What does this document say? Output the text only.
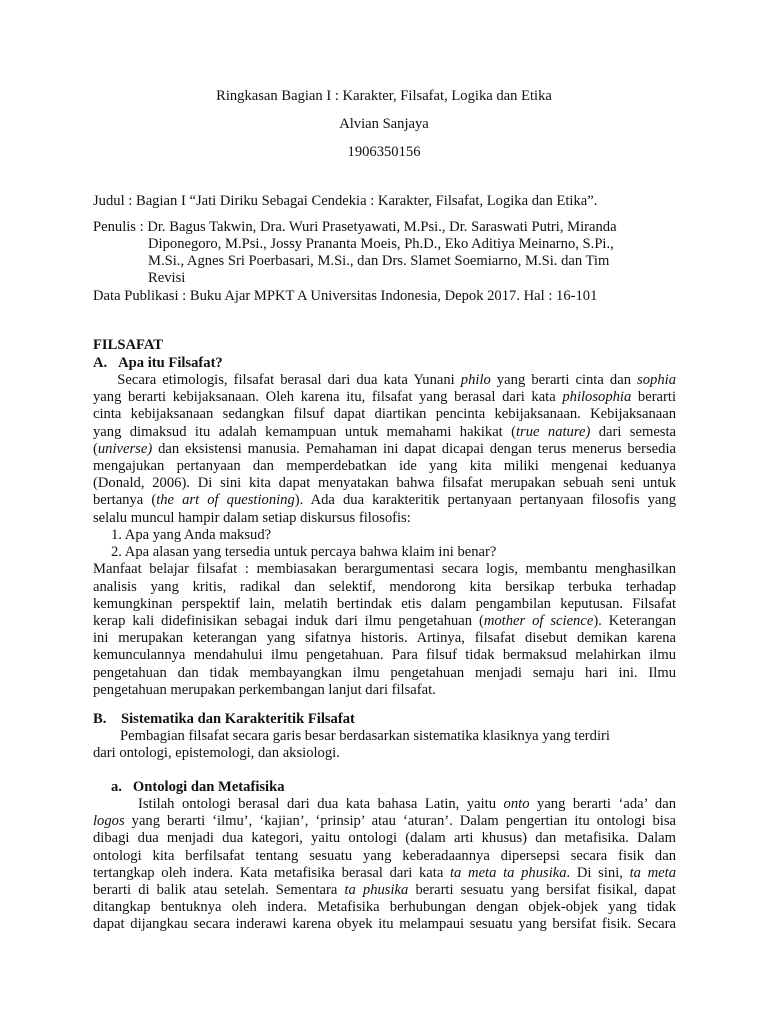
Ringkasan Bagian I : Karakter, Filsafat, Logika dan Etika
Alvian Sanjaya
1906350156
Judul : Bagian I “Jati Diriku Sebagai Cendekia : Karakter, Filsafat, Logika dan Etika”.
Penulis : Dr. Bagus Takwin, Dra. Wuri Prasetyawati, M.Psi., Dr. Saraswati Putri, Miranda
Diponegoro, M.Psi., Jossy Prananta Moeis, Ph.D., Eko Aditiya Meinarno, S.Pi.,
M.Si., Agnes Sri Poerbasari, M.Si., dan Drs. Slamet Soemiarno, M.Si. dan Tim
Revisi
Data Publikasi : Buku Ajar MPKT A Universitas Indonesia, Depok 2017. Hal : 16-101
FILSAFAT
A.   Apa itu Filsafat?
Secara etimologis, filsafat berasal dari dua kata Yunani philo yang berarti cinta dan sophia
yang berarti kebijaksanaan. Oleh karena itu, filsafat yang berasal dari kata philosophia berarti
cinta kebijaksanaan sedangkan filsuf dapat diartikan pencinta kebijaksanaan. Kebijaksanaan
yang dimaksud itu adalah kemampuan untuk memahami hakikat (true nature) dari semesta
(universe) dan eksistensi manusia. Pemahaman ini dapat dicapai dengan terus menerus bersedia
mengajukan pertanyaan dan memperdebatkan ide yang kita miliki mengenai keduanya
(Donald, 2006). Di sini kita dapat menyatakan bahwa filsafat merupakan sebuah seni untuk
bertanya (the art of questioning). Ada dua karakteritik pertanyaan pertanyaan filosofis yang
selalu muncul hampir dalam setiap diskursus filosofis:
1. Apa yang Anda maksud?
2. Apa alasan yang tersedia untuk percaya bahwa klaim ini benar?
Manfaat belajar filsafat : membiasakan berargumentasi secara logis, membantu menghasilkan
analisis yang kritis, radikal dan selektif, mendorong kita bersikap terbuka terhadap
kemungkinan perspektif lain, melatih bertindak etis dalam pengambilan keputusan. Filsafat
kerap kali didefinisikan sebagai induk dari ilmu pengetahuan (mother of science). Keterangan
ini merupakan keterangan yang sifatnya historis. Artinya, filsafat disebut demikan karena
kemunculannya mendahului ilmu pengetahuan. Para filsuf tidak bermaksud melahirkan ilmu
pengetahuan dan tidak membayangkan ilmu pengetahuan menjadi semaju hari ini. Ilmu
pengetahuan merupakan perkembangan lanjut dari filsafat.
B.    Sistematika dan Karakteritik Filsafat
Pembagian filsafat secara garis besar berdasarkan sistematika klasiknya yang terdiri
dari ontologi, epistemologi, dan aksiologi.
a.   Ontologi dan Metafisika
Istilah ontologi berasal dari dua kata bahasa Latin, yaitu onto yang berarti ‘ada’ dan
logos yang berarti ‘ilmu’, ‘kajian’, ‘prinsip’ atau ‘aturan’. Dalam pengertian itu ontologi bisa
dibagi dua menjadi dua kategori, yaitu ontologi (dalam arti khusus) dan metafisika. Dalam
ontologi kita berfilsafat tentang sesuatu yang keberadaannya dipersepsi secara fisik dan
tertangkap oleh indera. Kata metafisika berasal dari kata ta meta ta phusika. Di sini, ta meta
berarti di balik atau setelah. Sementara ta phusika berarti sesuatu yang bersifat fisikal, dapat
ditangkap bentuknya oleh indera. Metafisika berhubungan dengan objek-objek yang tidak
dapat dijangkau secara inderawi karena obyek itu melampaui sesuatu yang bersifat fisik. Secara
